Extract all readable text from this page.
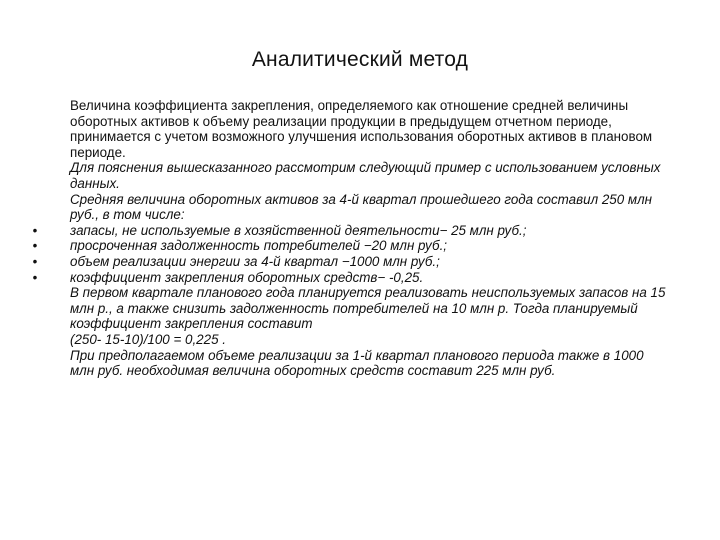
Аналитический метод

Величина коэффициента закрепления, определяемого как отношение средней величины оборотных активов к объему реализации продукции в предыдущем отчетном периоде, принимается с учетом возможного улучшения использования оборотных активов в плановом периоде.

Для пояснения вышесказанного рассмотрим следующий пример с использованием условных данных.

Средняя величина оборотных активов за 4-й квартал прошедшего года составил 250 млн руб., в том числе:

• запасы, не используемые в хозяйственной деятельности− 25 млн руб.;
• просроченная задолженность потребителей −20 млн руб.;
• объем реализации энергии за 4-й квартал −1000 млн руб.;
• коэффициент закрепления оборотных средств− -0,25.

В первом квартале планового года планируется реализовать неиспользуемых запасов на 15 млн р., а также снизить задолженность потребителей на 10 млн р. Тогда планируемый коэффициент закрепления составит

(250- 15-10)/100 = 0,225 .

При предполагаемом объеме реализации за 1-й квартал планового периода также в 1000 млн руб. необходимая величина оборотных средств составит 225 млн руб.
